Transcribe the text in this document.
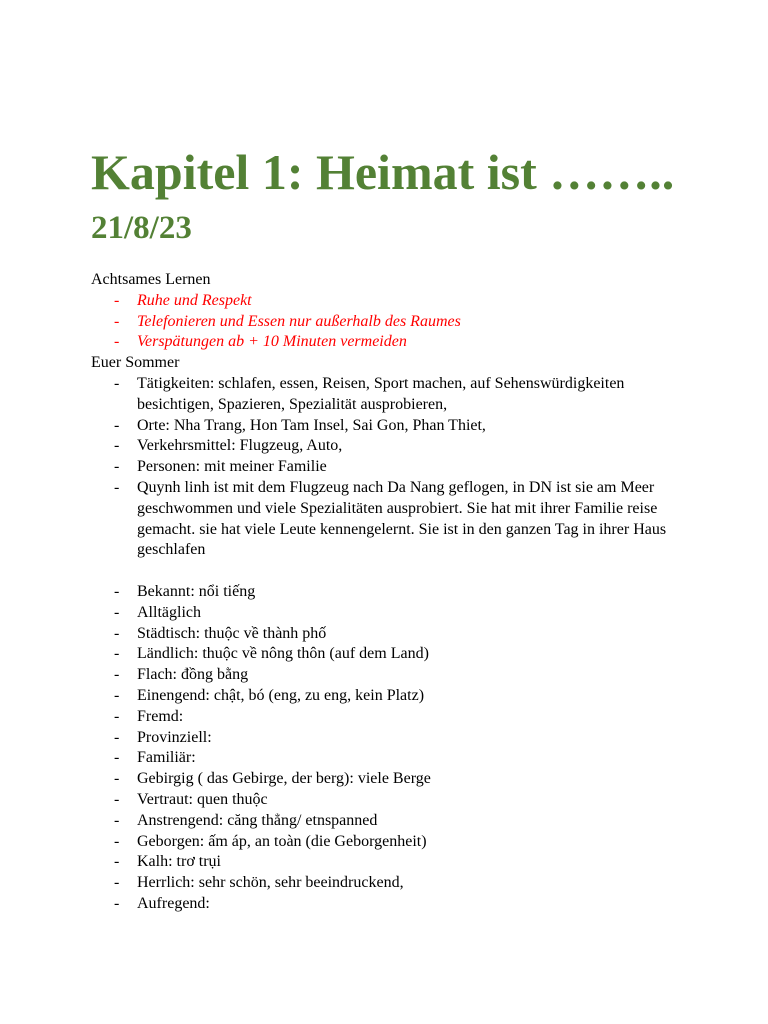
Kapitel 1: Heimat ist ……..
21/8/23

Achtsames Lernen

- Ruhe und Respekt
- Telefonieren und Essen nur außerhalb des Raumes
- Verspätungen ab + 10 Minuten vermeiden

Euer Sommer

- Tätigkeiten: schlafen, essen, Reisen, Sport machen, auf Sehenswürdigkeiten besichtigen, Spazieren, Spezialität ausprobieren,
- Orte: Nha Trang, Hon Tam Insel, Sai Gon, Phan Thiet,
- Verkehrsmittel: Flugzeug, Auto,
- Personen: mit meiner Familie
- Quynh linh ist mit dem Flugzeug nach Da Nang geflogen, in DN ist sie am Meer geschwommen und viele Spezialitäten ausprobiert. Sie hat mit ihrer Familie reise gemacht. sie hat viele Leute kennengelernt. Sie ist in den ganzen Tag in ihrer Haus geschlafen
- Bekannt: nổi tiếng
- Alltäglich
- Städtisch: thuộc về thành phố
- Ländlich: thuộc về nông thôn (auf dem Land)
- Flach: đồng bằng
- Einengend: chật, bó (eng, zu eng, kein Platz)
- Fremd:
- Provinziell:
- Familiär:
- Gebirgig ( das Gebirge, der berg): viele Berge
- Vertraut: quen thuộc
- Anstrengend: căng thẳng/ etnspanned
- Geborgen: ấm áp, an toàn (die Geborgenheit)
- Kalh: trơ trụi
- Herrlich: sehr schön, sehr beeindruckend,
- Aufregend:
